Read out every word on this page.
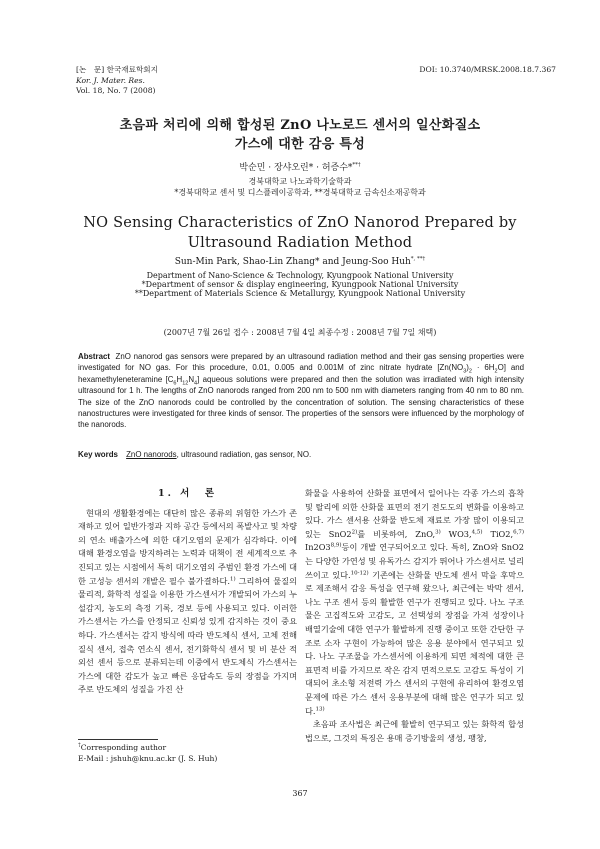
[논　문] 한국재료학회지
Kor. J. Mater. Res.
Vol. 18, No. 7 (2008)
DOI: 10.3740/MRSK.2008.18.7.367
초음파 처리에 의해 합성된 ZnO 나노로드 센서의 일산화질소
가스에 대한 감응 특성
박순민 · 장샤오린* · 허증수***†
경북대학교 나노과학기술학과
*경북대학교 센서 및 디스플레이공학과, **경북대학교 금속신소재공학과
NO Sensing Characteristics of ZnO Nanorod Prepared by
Ultrasound Radiation Method
Sun-Min Park, Shao-Lin Zhang* and Jeung-Soo Huh*, **†
Department of Nano-Science & Technology, Kyungpook National University
*Department of sensor & display engineering, Kyungpook National University
**Department of Materials Science & Metallurgy, Kyungpook National University
(2007년 7월 26일 접수 : 2008년 7월 4일 최종수정 : 2008년 7월 7일 채택)
Abstract ZnO nanorod gas sensors were prepared by an ultrasound radiation method and their gas sensing properties were investigated for NO gas. For this procedure, 0.01, 0.005 and 0.001M of zinc nitrate hydrate $[Zn(NO_3)_2 \cdot 6H_2O]$ and hexamethyleneteramine $[C_6H_{12}N_4]$ aqueous solutions were prepared and then the solution was irradiated with high intensity ultrasound for 1 h. The lengths of ZnO nanorods ranged from 200 nm to 500 nm with diameters ranging from 40 nm to 80 nm. The size of the ZnO nanorods could be controlled by the concentration of solution. The sensing characteristics of these nanostructures were investigated for three kinds of sensor. The properties of the sensors were influenced by the morphology of the nanorods.
Key words ZnO nanorods, ultrasound radiation, gas sensor, NO.
1. 서　론

현대의 생활환경에는 대단히 많은 종류의 위험한 가스가 존재하고 있어 일반가정과 지하 공간 등에서의 폭발사고 및 차량의 연소 배출가스에 의한 대기오염의 문제가 심각하다. 이에 대해 환경오염을 방지하려는 노력과 대책이 전 세계적으로 추진되고 있는 시점에서 특히 대기오염의 주범인 환경 가스에 대한 고성능 센서의 개발은 필수 불가결하다.$^{1)}$ 그리하여 물질의 물리적, 화학적 성질을 이용한 가스센서가 개발되어 가스의 누설감지, 농도의 측정 기록, 경보 등에 사용되고 있다. 이러한 가스센서는 가스를 안정되고 신뢰성 있게 감지하는 것이 중요하다. 가스센서는 감지 방식에 따라 반도체식 센서, 고체 전해질식 센서, 접촉 연소식 센서, 전기화학식 센서 및 비 분산 적외선 센서 등으로 분류되는데 이중에서 반도체식 가스센서는 가스에 대한 감도가 높고 빠른 응답속도 등의 장점을 가지며 주로 반도체의 성질을 가진 산

화물을 사용하여 산화물 표면에서 일어나는 각종 가스의 흡착 및 탈리에 의한 산화물 표면의 전기 전도도의 변화를 이용하고 있다. 가스 센서용 산화물 반도체 재료로 가장 많이 이용되고 있는 SnO2$^{2)}$를 비롯하여, ZnO,$^{3)}$ WO3,$^{4,5)}$ TiO2,$^{6,7)}$ In2O3$^{8,9)}$등이 개발 연구되어오고 있다. 특히, ZnO와 SnO2는 다양한 가연성 및 유독가스 감지가 뛰어나 가스센서로 널리 쓰이고 있다.$^{10-12)}$ 기존에는 산화물 반도체 센서 막을 후막으로 제조해서 감응 특성을 연구해 왔으나, 최근에는 박막 센서, 나노 구조 센서 등의 활발한 연구가 진행되고 있다. 나노 구조물은 고집적도와 고감도, 고 선택성의 장점을 가져 성장이나 배열기술에 대한 연구가 활발하게 진행 중이고 또한 간단한 구조로 소자 구현이 가능하여 많은 응용 분야에서 연구되고 있다. 나노 구조물을 가스센서에 이용하게 되면 체적에 대한 큰 표면적 비를 가지므로 작은 감지 면적으로도 고감도 특성이 기대되어 초소형 저전력 가스 센서의 구현에 유리하여 환경오염 문제에 따른 가스 센서 응용부분에 대해 많은 연구가 되고 있다.$^{13)}$

초음파 조사법은 최근에 활발히 연구되고 있는 화학적 합성법으로, 그것의 특징은 용매 증기방울의 생성, 팽창,

†Corresponding author
E-Mail : jshuh@knu.ac.kr (J. S. Huh)
367
